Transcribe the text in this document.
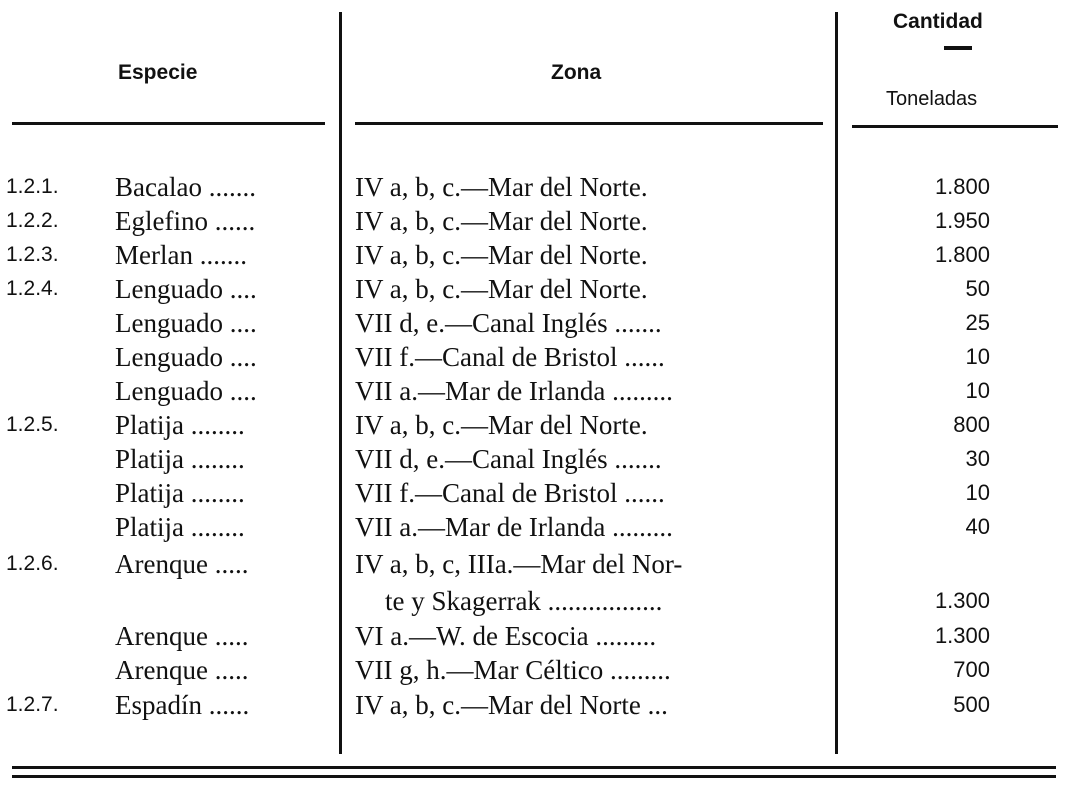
Especie	Zona
Cantidad
Toneladas
1.2.1. Bacalao .......	IV a, b, c.—Mar del Norte.	1.800
1.2.2. Eglefino ......	IV a, b, c.—Mar del Norte.	1.950
1.2.3. Merlan .......	IV a, b, c.—Mar del Norte.	1.800
1.2.4. Lenguado ....	IV a, b, c.—Mar del Norte.	50
Lenguado ....	VII d, e.—Canal Inglés .......	25
Lenguado ....	VII f.—Canal de Bristol ......	10
Lenguado ....	VII a.—Mar de Irlanda .........	10
1.2.5. Platija ........	IV a, b, c.—Mar del Norte.	800
Platija ........	VII d, e.—Canal Inglés .......	30
Platija ........	VII f.—Canal de Bristol ......	10
Platija ........	VII a.—Mar de Irlanda .........	40
1.2.6. Arenque .....	IV a, b, c, IIIa.—Mar del Nor-
te y Skagerrak .................	1.300
Arenque .....	VI a.—W. de Escocia .........	1.300
Arenque .....	VII g, h.—Mar Céltico .........	700
1.2.7. Espadín ......	IV a, b, c.—Mar del Norte ...	500
